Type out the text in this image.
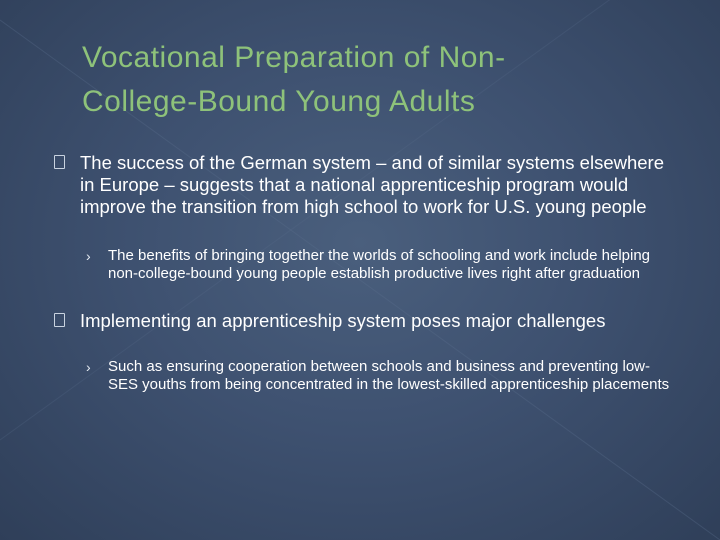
Vocational Preparation of Non-
College-Bound Young Adults
The success of the German system – and of similar systems elsewhere in Europe – suggests that a national apprenticeship program would improve the transition from high school to work for U.S. young people
› The benefits of bringing together the worlds of schooling and work include helping non-college-bound young people establish productive lives right after graduation
Implementing an apprenticeship system poses major challenges
› Such as ensuring cooperation between schools and business and preventing low-SES youths from being concentrated in the lowest-skilled apprenticeship placements
